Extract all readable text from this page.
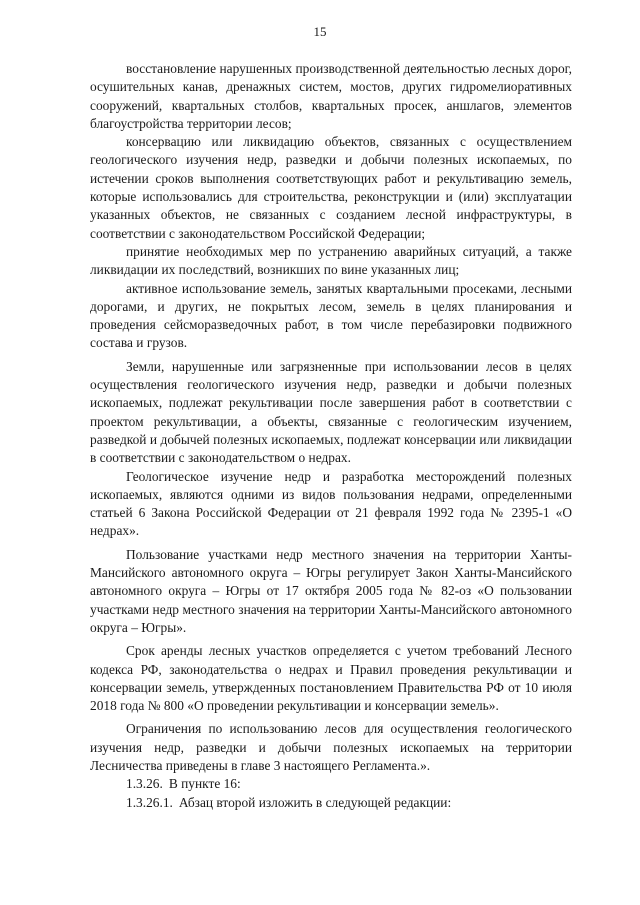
15

восстановление нарушенных производственной деятельностью лесных дорог, осушительных канав, дренажных систем, мостов, других гидромелиоративных сооружений, квартальных столбов, квартальных просек, аншлагов, элементов благоустройства территории лесов;

консервацию или ликвидацию объектов, связанных с осуществлением геологического изучения недр, разведки и добычи полезных ископаемых, по истечении сроков выполнения соответствующих работ и рекультивацию земель, которые использовались для строительства, реконструкции и (или) эксплуатации указанных объектов, не связанных с созданием лесной инфраструктуры, в соответствии с законодательством Российской Федерации;

принятие необходимых мер по устранению аварийных ситуаций, а также ликвидации их последствий, возникших по вине указанных лиц;

активное использование земель, занятых квартальными просеками, лесными дорогами, и других, не покрытых лесом, земель в целях планирования и проведения сейсморазведочных работ, в том числе перебазировки подвижного состава и грузов.

Земли, нарушенные или загрязненные при использовании лесов в целях осуществления геологического изучения недр, разведки и добычи полезных ископаемых, подлежат рекультивации после завершения работ в соответствии с проектом рекультивации, а объекты, связанные с геологическим изучением, разведкой и добычей полезных ископаемых, подлежат консервации или ликвидации в соответствии с законодательством о недрах.

Геологическое изучение недр и разработка месторождений полезных ископаемых, являются одними из видов пользования недрами, определенными статьей 6 Закона Российской Федерации от 21 февраля 1992 года № 2395-1 «О недрах».

Пользование участками недр местного значения на территории Ханты-Мансийского автономного округа – Югры регулирует Закон Ханты-Мансийского автономного округа – Югры от 17 октября 2005 года № 82-оз «О пользовании участками недр местного значения на территории Ханты-Мансийского автономного округа – Югры».

Срок аренды лесных участков определяется с учетом требований Лесного кодекса РФ, законодательства о недрах и Правил проведения рекультивации и консервации земель, утвержденных постановлением Правительства РФ от 10 июля 2018 года № 800 «О проведении рекультивации и консервации земель».

Ограничения по использованию лесов для осуществления геологического изучения недр, разведки и добычи полезных ископаемых на территории Лесничества приведены в главе 3 настоящего Регламента.».

1.3.26. В пункте 16:

1.3.26.1. Абзац второй изложить в следующей редакции:
